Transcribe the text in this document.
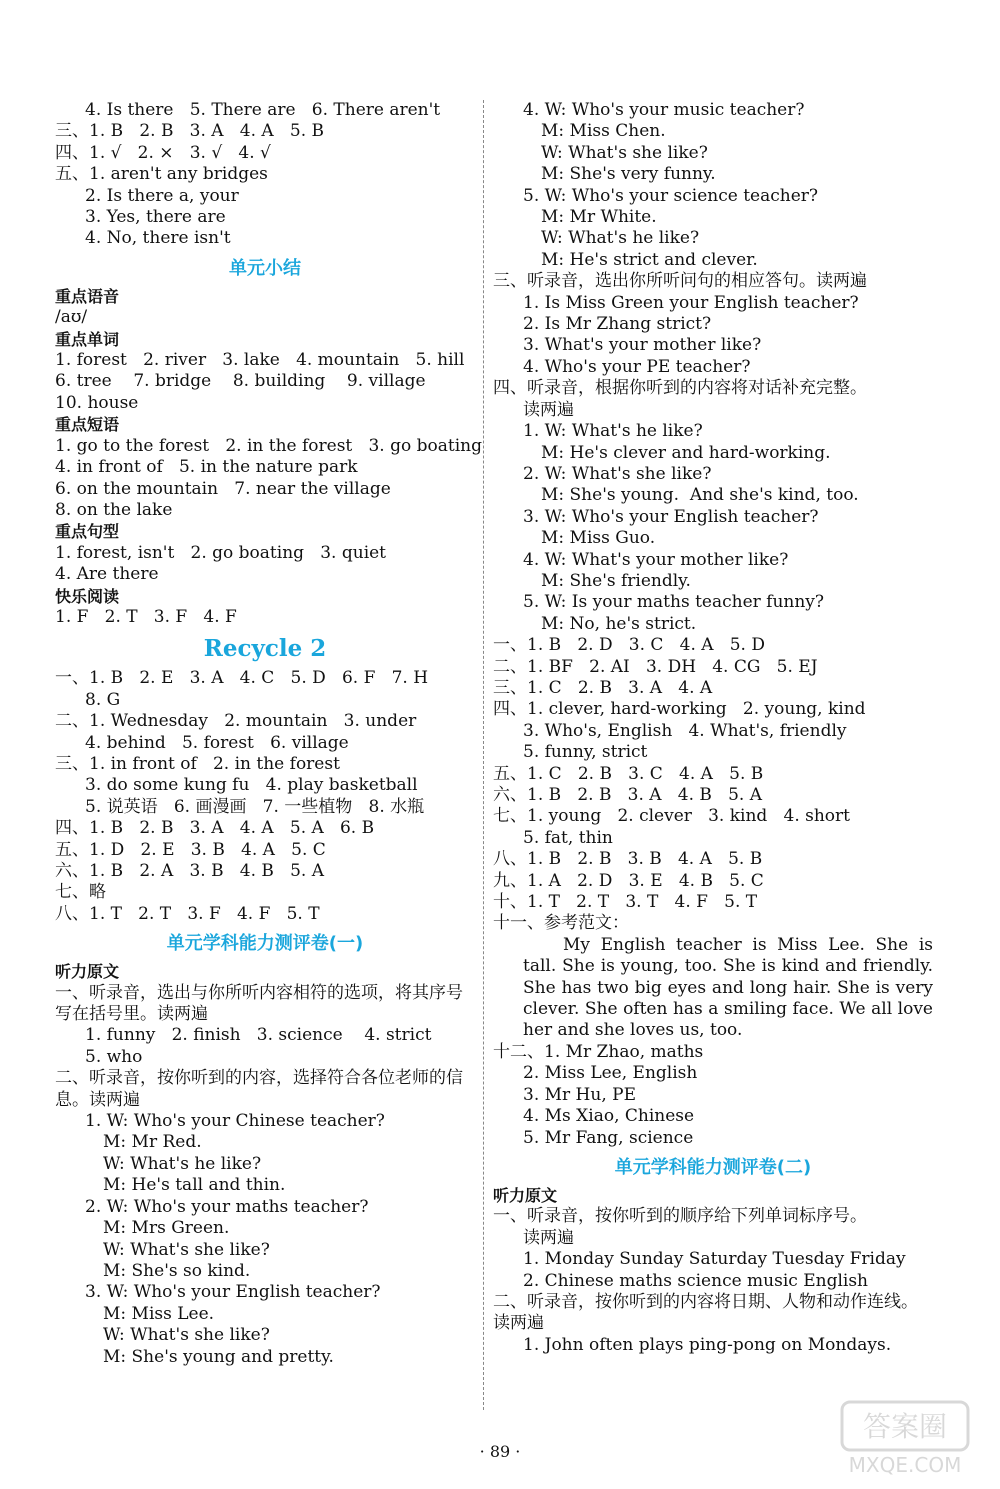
4. Is there   5. There are   6. There aren't
三、1. B   2. B   3. A   4. A   5. B
四、1. √   2. ×   3. √   4. √
五、1. aren't any bridges
2. Is there a, your
3. Yes, there are
4. No, there isn't
单元小结
重点语音
/aʊ/
重点单词
1. forest   2. river   3. lake   4. mountain   5. hill
6. tree    7. bridge    8. building    9. village
10. house
重点短语
1. go to the forest   2. in the forest   3. go boating
4. in front of   5. in the nature park
6. on the mountain   7. near the village
8. on the lake
重点句型
1. forest, isn't   2. go boating   3. quiet
4. Are there
快乐阅读
1. F   2. T   3. F   4. F
Recycle 2
一、1. B   2. E   3. A   4. C   5. D   6. F   7. H
8. G
二、1. Wednesday   2. mountain   3. under
4. behind   5. forest   6. village
三、1. in front of   2. in the forest
3. do some kung fu   4. play basketball
5. 说英语   6. 画漫画   7. 一些植物   8. 水瓶
四、1. B   2. B   3. A   4. A   5. A   6. B
五、1. D   2. E   3. B   4. A   5. C
六、1. B   2. A   3. B   4. B   5. A
七、略
八、1. T   2. T   3. F   4. F   5. T
单元学科能力测评卷(一)
听力原文
一、听录音，选出与你所听内容相符的选项，将其序号写在括号里。读两遍
1. funny   2. finish   3. science    4. strict
5. who
二、听录音，按你听到的内容，选择符合各位老师的信息。读两遍
1. W: Who's your Chinese teacher?
M: Mr Red.
W: What's he like?
M: He's tall and thin.
2. W: Who's your maths teacher?
M: Mrs Green.
W: What's she like?
M: She's so kind.
3. W: Who's your English teacher?
M: Miss Lee.
W: What's she like?
M: She's young and pretty.
4. W: Who's your music teacher?
M: Miss Chen.
W: What's she like?
M: She's very funny.
5. W: Who's your science teacher?
M: Mr White.
W: What's he like?
M: He's strict and clever.
三、听录音，选出你所听问句的相应答句。读两遍
1. Is Miss Green your English teacher?
2. Is Mr Zhang strict?
3. What's your mother like?
4. Who's your PE teacher?
四、听录音，根据你听到的内容将对话补充完整。
读两遍
1. W: What's he like?
M: He's clever and hard-working.
2. W: What's she like?
M: She's young.  And she's kind, too.
3. W: Who's your English teacher?
M: Miss Guo.
4. W: What's your mother like?
M: She's friendly.
5. W: Is your maths teacher funny?
M: No, he's strict.
一、1. B   2. D   3. C   4. A   5. D
二、1. BF   2. AI   3. DH   4. CG   5. EJ
三、1. C   2. B   3. A   4. A
四、1. clever, hard-working   2. young, kind
3. Who's, English   4. What's, friendly
5. funny, strict
五、1. C   2. B   3. C   4. A   5. B
六、1. B   2. B   3. A   4. B   5. A
七、1. young   2. clever   3. kind   4. short
5. fat, thin
八、1. B   2. B   3. B   4. A   5. B
九、1. A   2. D   3. E   4. B   5. C
十、1. T   2. T   3. T   4. F   5. T
十一、参考范文：
My English teacher is Miss Lee. She is tall. She is young, too. She is kind and friendly. She has two big eyes and long hair. She is very clever. She often has a smiling face. We all love her and she loves us, too.
十二、1. Mr Zhao, maths
2. Miss Lee, English
3. Mr Hu, PE
4. Ms Xiao, Chinese
5. Mr Fang, science
单元学科能力测评卷(二)
听力原文
一、听录音，按你听到的顺序给下列单词标序号。
读两遍
1. Monday Sunday Saturday Tuesday Friday
2. Chinese maths science music English
二、听录音，按你听到的内容将日期、人物和动作连线。读两遍
1. John often plays ping-pong on Mondays.
· 89 ·
答案圈
MXQE.COM
